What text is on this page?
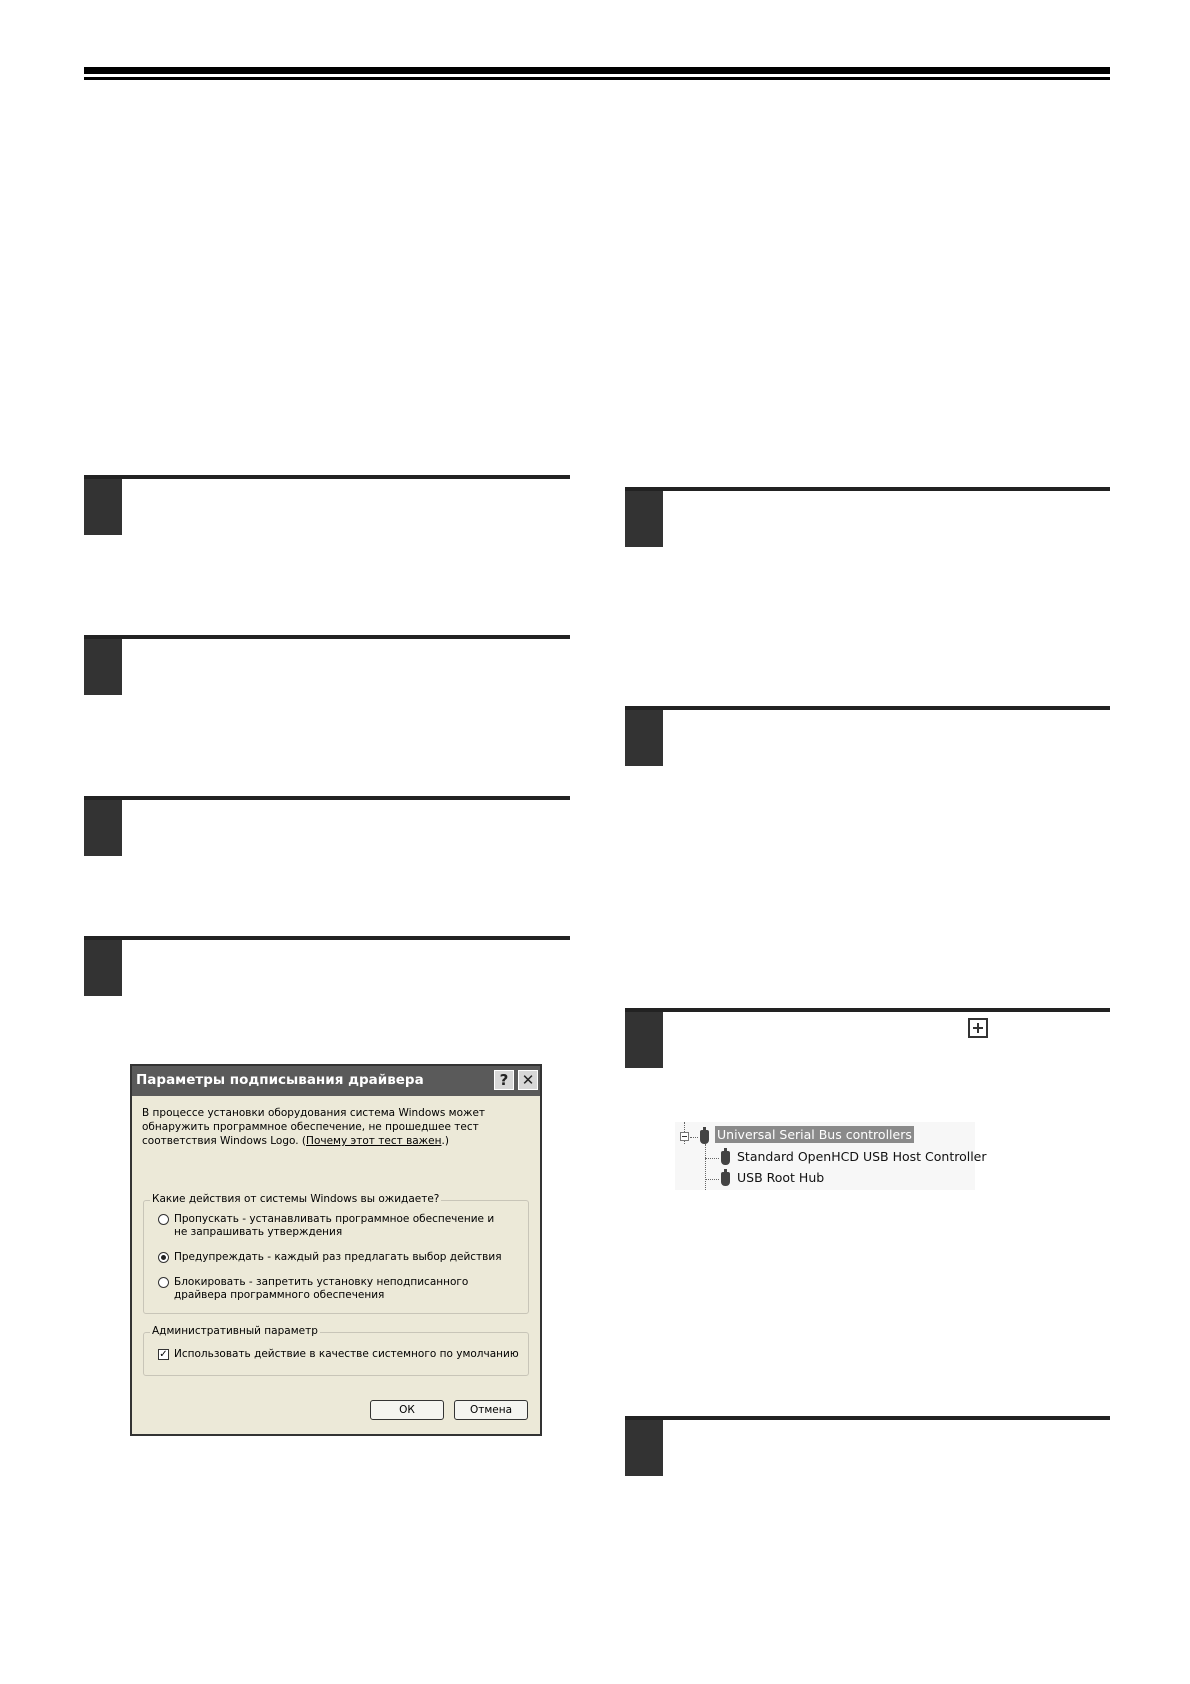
Параметры подписывания драйвера	? ✕
В процессе установки оборудования система Windows может обнаружить программное обеспечение, не прошедшее тест соответствия Windows Logo. (Почему этот тест важен.)
Какие действия от системы Windows вы ожидаете?
Пропускать - устанавливать программное обеспечение и не запрашивать утверждения
Предупреждать - каждый раз предлагать выбор действия
Блокировать - запретить установку неподписанного драйвера программного обеспечения
Административный параметр
✓ Использовать действие в качестве системного по умолчанию
ОК	Отмена
Universal Serial Bus controllers
Standard OpenHCD USB Host Controller
USB Root Hub
